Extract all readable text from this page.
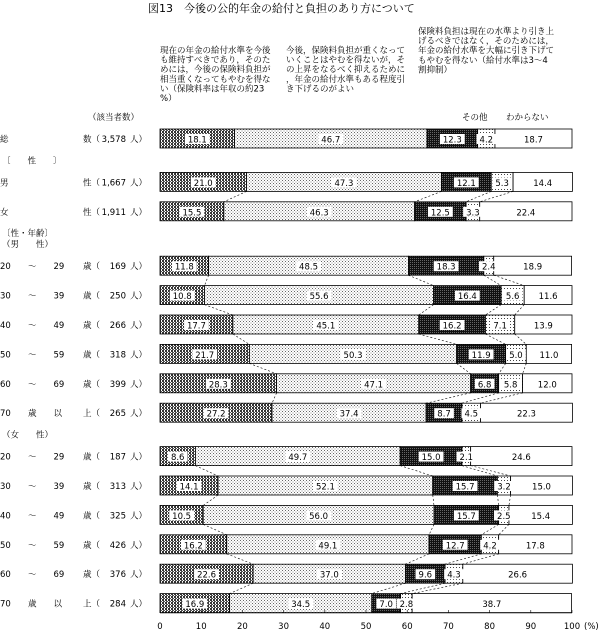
図13　今後の公的年金の給付と負担のあり方について
現在の年金の給付水準を今後も維持すべきであり，そのためには，今後の保険料負担が相当重くなってもやむを得ない（保険料率は年収の約23 %）
今後，保険料負担が重くなっていくことはやむを得ないが，その上昇をなるべく抑えるために，年金の給付水準もある程度引き下げるのがよい
保険料負担は現在の水準より引き上げるべきではなく，そのためには，年金の給付水準を大幅に引き下げてもやむを得ない（給付水準は3～4 割抑制）
その他 わからない
（該当者数）
総	数（ 3,578 人）	18.1	46.7	12.3 4.2	18.7
〔　　性　　〕
男	性（ 1,667 人）	21.0	47.3	12.1 5.3	14.4
女	性（ 1,911 人）	15.5	46.3	12.5 3.3	22.4
〔性・年齢〕
（男　　性）
20 ～　　29 歳（ 169 人）	11.8	48.5	18.3	2.4	18.9
30 ～　　39 歳（ 250 人）	10.8	55.6	16.4	5.6 11.6
40 ～　　49 歳（ 266 人）	17.7	45.1	16.2	7.1	13.9
50 ～　　59 歳（ 318 人）	21.7	50.3	11.9 5.0 11.0
60 ～　　69 歳（ 399 人）	28.3	47.1	6.8 5.8 12.0
70 歳　　以 上（ 265 人）	27.2	37.4	8.7 4.5	22.3
（女　　性）
20 ～　　29 歳（ 187 人）	8.6	49.7	15.0 2.1	24.6
30 ～　　39 歳（ 313 人）	14.1	52.1	15.7	3.2	15.0
40 ～　　49 歳（ 325 人）	10.5	56.0	15.7	2.5 15.4
50 ～　　59 歳（ 426 人）	16.2	49.1	12.7 4.2	17.8
60 ～　　69 歳（ 376 人）	22.6	37.0	9.6 4.3	26.6
70 歳　　以 上（ 284 人）	16.9	34.5	7.0 2.8	38.7
0	10	20	30	40	50	60	70	80	90	100 (%)
